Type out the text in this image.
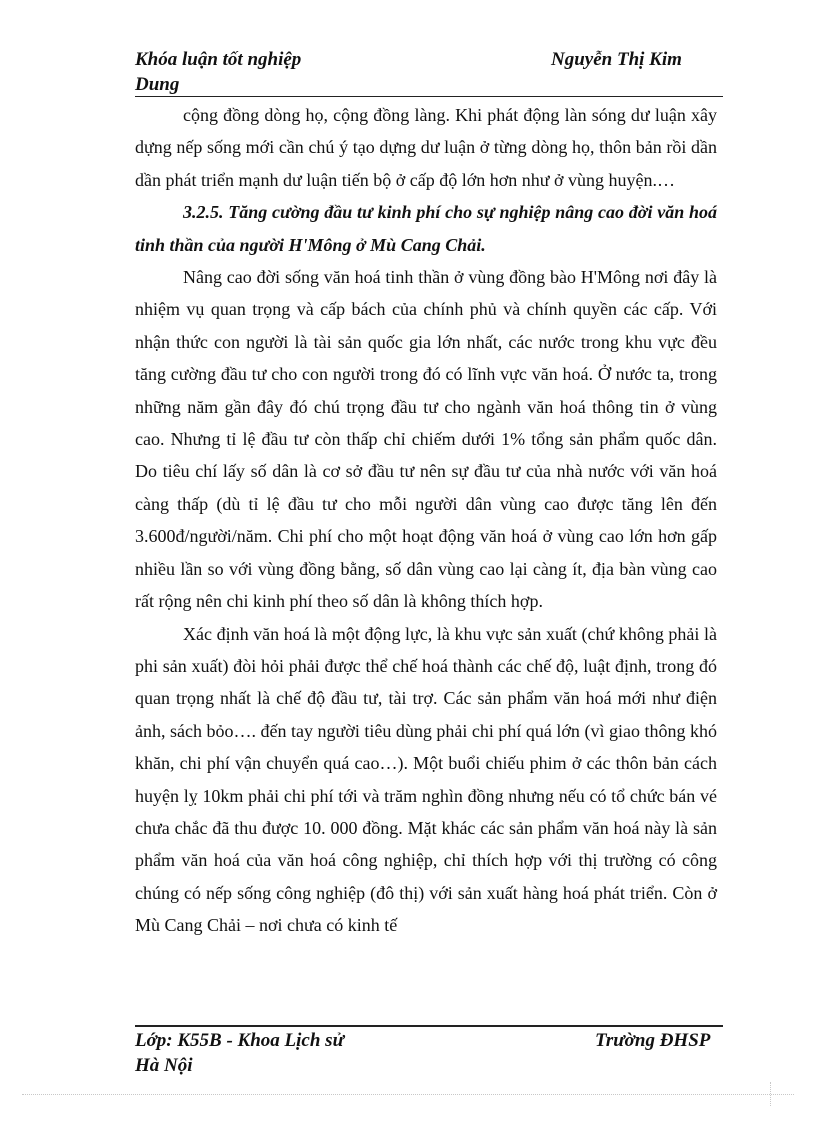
Khóa luận tốt nghiệp	Nguyễn Thị Kim
Dung

cộng đồng dòng họ, cộng đồng làng. Khi phát động làn sóng dư luận xây dựng nếp sống mới cần chú ý tạo dựng dư luận ở từng dòng họ, thôn bản rồi dần dần phát triển mạnh dư luận tiến bộ ở cấp độ lớn hơn như ở vùng huyện.…

3.2.5. Tăng cường đầu tư kinh phí cho sự nghiệp nâng cao đời văn hoá tinh thần của người H'Mông ở Mù Cang Chải.

Nâng cao đời sống văn hoá tinh thần ở vùng đồng bào H'Mông nơi đây là nhiệm vụ quan trọng và cấp bách của chính phủ và chính quyền các cấp. Với nhận thức con người là tài sản quốc gia lớn nhất, các nước trong khu vực đều tăng cường đầu tư cho con người trong đó có lĩnh vực văn hoá. Ở nước ta, trong những năm gần đây đó chú trọng đầu tư cho ngành văn hoá thông tin ở vùng cao. Nhưng tỉ lệ đầu tư còn thấp chỉ chiếm dưới 1% tổng sản phẩm quốc dân. Do tiêu chí lấy số dân là cơ sở đầu tư nên sự đầu tư của nhà nước với văn hoá càng thấp (dù tỉ lệ đầu tư cho mỗi người dân vùng cao được tăng lên đến 3.600đ/người/năm. Chi phí cho một hoạt động văn hoá ở vùng cao lớn hơn gấp nhiều lần so với vùng đồng bằng, số dân vùng cao lại càng ít, địa bàn vùng cao rất rộng nên chi kinh phí theo số dân là không thích hợp.

Xác định văn hoá là một động lực, là khu vực sản xuất (chứ không phải là phi sản xuất) đòi hỏi phải được thể chế hoá thành các chế độ, luật định, trong đó quan trọng nhất là chế độ đầu tư, tài trợ. Các sản phẩm văn hoá mới như điện ảnh, sách bỏo…. đến tay người tiêu dùng phải chi phí quá lớn (vì giao thông khó khăn, chi phí vận chuyển quá cao…). Một buổi chiếu phim ở các thôn bản cách huyện lỵ 10km phải chi phí tới và trăm nghìn đồng nhưng nếu có tổ chức bán vé chưa chắc đã thu được 10. 000 đồng. Mặt khác các sản phẩm văn hoá này là sản phẩm văn hoá của văn hoá công nghiệp, chỉ thích hợp với thị trường có công chúng có nếp sống công nghiệp (đô thị) với sản xuất hàng hoá phát triển. Còn ở Mù Cang Chải – nơi chưa có kinh tế

Lớp: K55B - Khoa Lịch sử	Trường ĐHSP
Hà Nội
